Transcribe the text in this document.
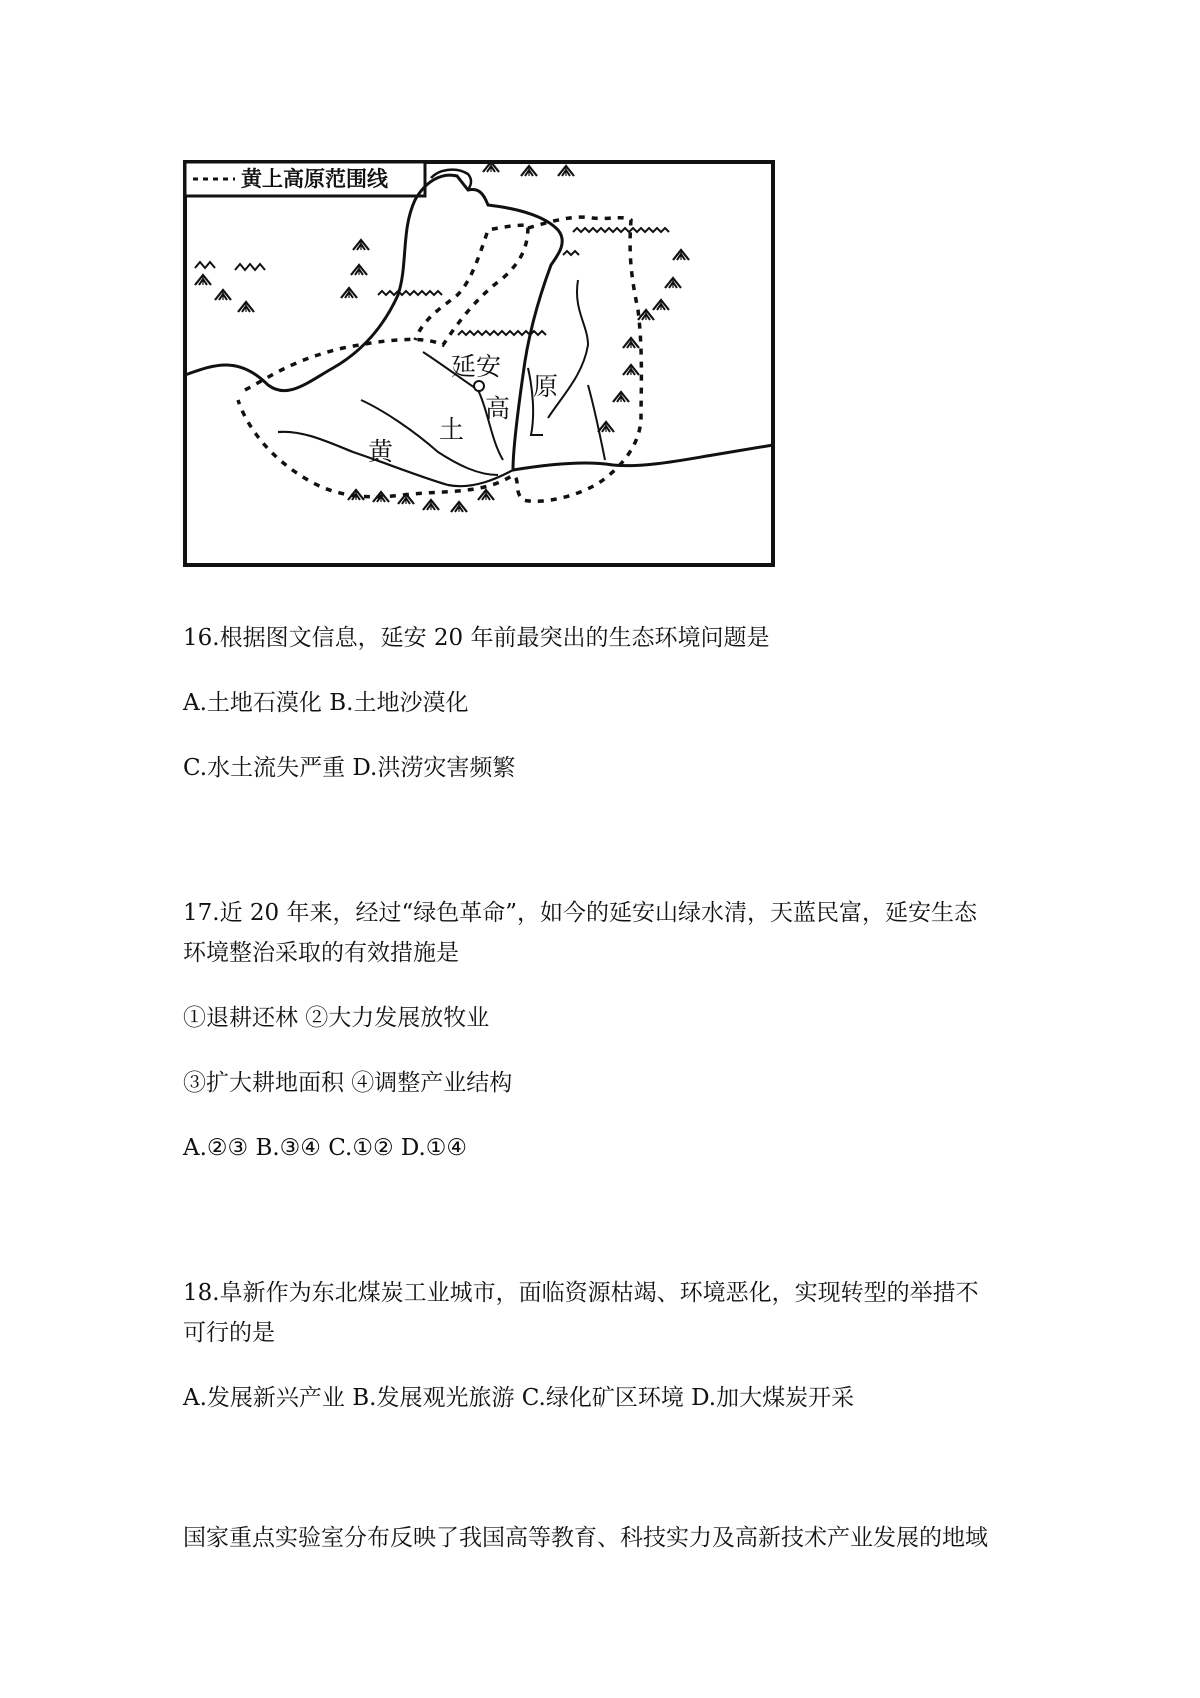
黄上高原范围线
延安
黄
土
高
原
16.根据图文信息，延安 20 年前最突出的生态环境问题是
A.土地石漠化 B.土地沙漠化
C.水土流失严重 D.洪涝灾害频繁
17.近 20 年来，经过“绿色革命”，如今的延安山绿水清，天蓝民富，延安生态
环境整治采取的有效措施是
①退耕还林 ②大力发展放牧业
③扩大耕地面积 ④调整产业结构
A.②③ B.③④ C.①② D.①④
18.阜新作为东北煤炭工业城市，面临资源枯竭、环境恶化，实现转型的举措不
可行的是
A.发展新兴产业 B.发展观光旅游 C.绿化矿区环境 D.加大煤炭开采
国家重点实验室分布反映了我国高等教育、科技实力及高新技术产业发展的地域
